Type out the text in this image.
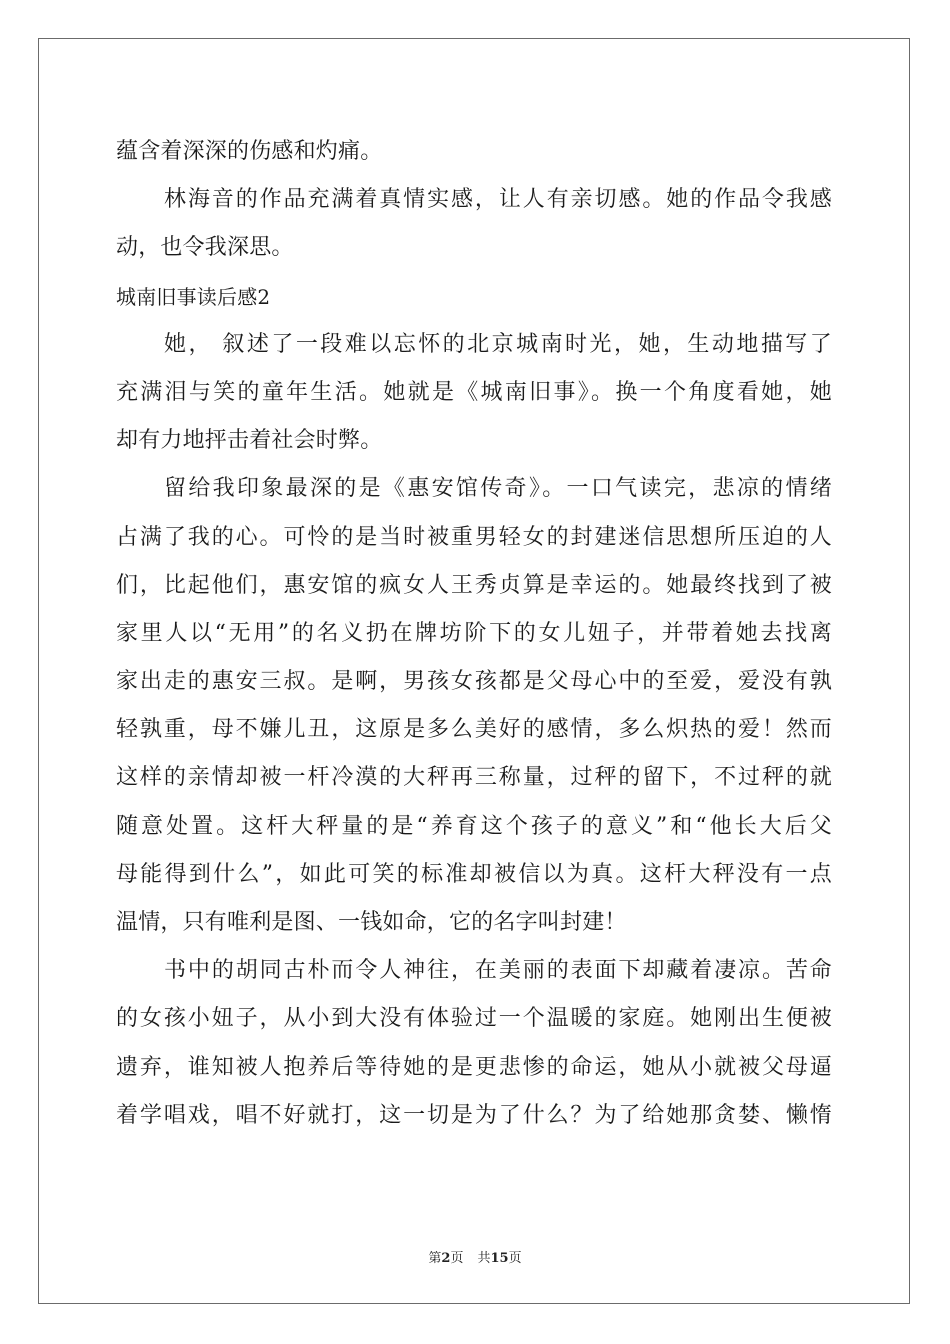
蕴含着深深的伤感和灼痛。
林海音的作品充满着真情实感，让人有亲切感。她的作品令我感
动，也令我深思。
城南旧事读后感2
她， 叙述了一段难以忘怀的北京城南时光，她，生动地描写了
充满泪与笑的童年生活。她就是《城南旧事》。换一个角度看她，她
却有力地抨击着社会时弊。
留给我印象最深的是《惠安馆传奇》。一口气读完，悲凉的情绪
占满了我的心。可怜的是当时被重男轻女的封建迷信思想所压迫的人
们，比起他们，惠安馆的疯女人王秀贞算是幸运的。她最终找到了被
家里人以“无用”的名义扔在牌坊阶下的女儿妞子，并带着她去找离
家出走的惠安三叔。是啊，男孩女孩都是父母心中的至爱，爱没有孰
轻孰重，母不嫌儿丑，这原是多么美好的感情，多么炽热的爱！然而
这样的亲情却被一杆冷漠的大秤再三称量，过秤的留下，不过秤的就
随意处置。这杆大秤量的是“养育这个孩子的意义”和“他长大后父
母能得到什么”，如此可笑的标准却被信以为真。这杆大秤没有一点
温情，只有唯利是图、一钱如命，它的名字叫封建！
书中的胡同古朴而令人神往，在美丽的表面下却藏着凄凉。苦命
的女孩小妞子，从小到大没有体验过一个温暖的家庭。她刚出生便被
遗弃，谁知被人抱养后等待她的是更悲惨的命运，她从小就被父母逼
着学唱戏，唱不好就打，这一切是为了什么？为了给她那贪婪、懒惰
第2页 共15页
